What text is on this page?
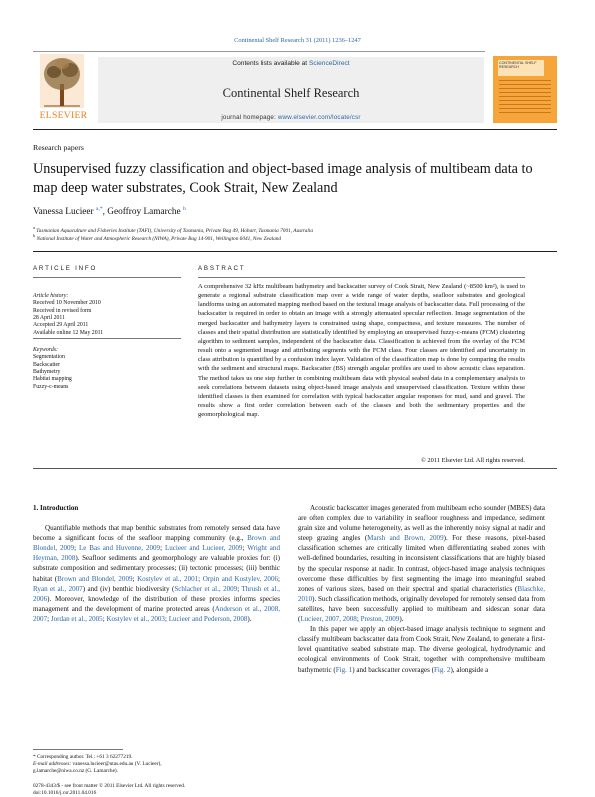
Continental Shelf Research 31 (2011) 1236–1247
ELSEVIER
Contents lists available at ScienceDirect
Continental Shelf Research
journal homepage: www.elsevier.com/locate/csr
CONTINENTAL SHELF RESEARCH
Research papers
Unsupervised fuzzy classification and object-based image analysis of multibeam data to map deep water substrates, Cook Strait, New Zealand
Vanessa Lucieer $^{a,*}$, Geoffroy Lamarche $^b$
$^a$ Tasmanian Aquaculture and Fisheries Institute (TAFI), University of Tasmania, Private Bag 49, Hobart, Tasmania 7001, Australia
$^b$ National Institute of Water and Atmospheric Research (NIWA), Private Bag 14-901, Wellington 6041, New Zealand
ARTICLE INFO	ABSTRACT
Article history:
Received 10 November 2010
Received in revised form
28 April 2011
Accepted 29 April 2011
Available online 12 May 2011
Keywords:
Segmentation
Backscatter
Bathymetry
Habitat mapping
Fuzzy-c-means
A comprehensive 32 kHz multibeam bathymetry and backscatter survey of Cook Strait, New Zealand (~8500 km²), is used to generate a regional substrate classification map over a wide range of water depths, seafloor substrates and geological landforms using an automated mapping method based on the textural image analysis of backscatter data. Full processing of the backscatter is required in order to obtain an image with a strongly attenuated specular reflection. Image segmentation of the merged backscatter and bathymetry layers is constrained using shape, compactness, and texture measures. The number of classes and their spatial distribution are statistically identified by employing an unsupervised fuzzy-c-means (FCM) clustering algorithm to sediment samples, independent of the backscatter data. Classification is achieved from the overlay of the FCM result onto a segmented image and attributing segments with the FCM class. Four classes are identified and uncertainty in class attribution is quantified by a confusion index layer. Validation of the classification map is done by comparing the results with the sediment and structural maps. Backscatter (BS) strength angular profiles are used to show acoustic class separation. The method takes us one step further in combining multibeam data with physical seabed data in a complementary analysis to seek correlations between datasets using object-based image analysis and unsupervised classification. Texture within these identified classes is then examined for correlation with typical backscatter angular responses for mud, sand and gravel. The results show a first order correlation between each of the classes and both the sedimentary properties and the geomorphological map.
© 2011 Elsevier Ltd. All rights reserved.

1. Introduction

Quantifiable methods that map benthic substrates from remotely sensed data have become a significant focus of the seafloor mapping community (e.g., Brown and Blondel, 2009; Le Bas and Huvenne, 2009; Lucieer and Lucieer, 2009; Wright and Heyman, 2008). Seafloor sediments and geomorphology are valuable proxies for: (i) substrate composition and sedimentary processes; (ii) tectonic processes; (iii) benthic habitat (Brown and Blondel, 2009; Kostylev et al., 2001; Orpin and Kostylev, 2006; Ryan et al., 2007) and (iv) benthic biodiversity (Schlacher et al., 2009; Thrush et al., 2006). Moreover, knowledge of the distribution of these proxies informs species management and the development of marine protected areas (Anderson et al., 2008, 2007; Jordan et al., 2005; Kostylev et al., 2003; Lucieer and Pederson, 2008).

Acoustic backscatter images generated from multibeam echo sounder (MBES) data are often complex due to variability in seafloor roughness and impedance, sediment grain size and volume heterogeneity, as well as the inherently noisy signal at nadir and steep grazing angles (Marsh and Brown, 2009). For these reasons, pixel-based classification schemes are critically limited when differentiating seabed zones with well-defined boundaries, resulting in inconsistent classifications that are highly biased by the specular response at nadir. In contrast, object-based image analysis techniques overcome these difficulties by first segmenting the image into meaningful seabed zones of various sizes, based on their spectral and spatial characteristics (Blaschke, 2010). Such classification methods, originally developed for remotely sensed data from satellites, have been successfully applied to multibeam and sidescan sonar data (Lucieer, 2007, 2008; Preston, 2009).

In this paper we apply an object-based image analysis technique to segment and classify multibeam backscatter data from Cook Strait, New Zealand, to generate a first-level quantitative seabed substrate map. The diverse geological, hydrodynamic and ecological environments of Cook Strait, together with comprehensive multibeam bathymetric (Fig. 1) and backscatter coverages (Fig. 2), alongside a

* Corresponding author. Tel.: +61 3 62277219.
E-mail addresses: vanessa.lucieer@utas.edu.au (V. Lucieer),
g.lamarche@niwa.co.nz (G. Lamarche).
0278-4343/$ - see front matter © 2011 Elsevier Ltd. All rights reserved.
doi:10.1016/j.csr.2011.04.016
